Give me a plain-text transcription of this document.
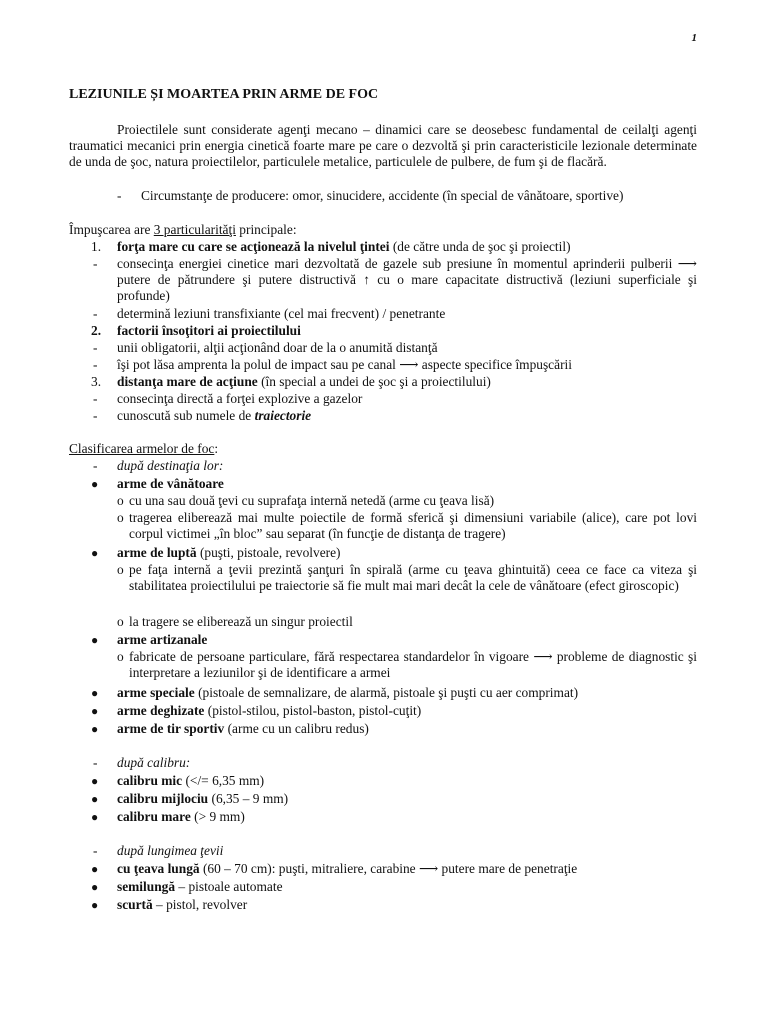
1
LEZIUNILE ȘI MOARTEA PRIN ARME DE FOC
Proiectilele sunt considerate agenţi mecano – dinamici care se deosebesc fundamental de ceilalţi agenţi traumatici mecanici prin energia cinetică foarte mare pe care o dezvoltă şi prin caracteristicile lezionale determinate de unda de şoc, natura proiectilelor, particulele metalice, particulele de pulbere, de fum şi de flacără.
- Circumstanţe de producere: omor, sinucidere, accidente (în special de vânătoare, sportive)
Împuşcarea are 3 particularităţi principale:
1. forţa mare cu care se acţionează la nivelul ţintei (de către unda de şoc şi proiectil)
- consecinţa energiei cinetice mari dezvoltată de gazele sub presiune în momentul aprinderii pulberii ⟶ putere de pătrundere şi putere distructivă ↑ cu o mare capacitate distructivă (leziuni superficiale şi profunde)
- determină leziuni transfixiante (cel mai frecvent) / penetrante
2. factorii însoţitori ai proiectilului
- unii obligatorii, alţii acţionând doar de la o anumită distanţă
- îşi pot lăsa amprenta la polul de impact sau pe canal ⟶ aspecte specifice împuşcării
3. distanţa mare de acţiune (în special a undei de şoc şi a proiectilului)
- consecinţa directă a forţei explozive a gazelor
- cunoscută sub numele de traiectorie
Clasificarea armelor de foc:
- după destinaţia lor:
● arme de vânătoare
o cu una sau două ţevi cu suprafaţa internă netedă (arme cu ţeava lisă)
o tragerea eliberează mai multe poiectile de formă sferică şi dimensiuni variabile (alice), care pot lovi corpul victimei „în bloc” sau separat (în funcţie de distanţa de tragere)
● arme de luptă (puşti, pistoale, revolvere)
o pe faţa internă a ţevii prezintă şanţuri în spirală (arme cu ţeava ghintuită) ceea ce face ca viteza şi stabilitatea proiectilului pe traiectorie să fie mult mai mari decât la cele de vânătoare (efect giroscopic)
o la tragere se eliberează un singur proiectil
● arme artizanale
o fabricate de persoane particulare, fără respectarea standardelor în vigoare ⟶ probleme de diagnostic şi interpretare a leziunilor şi de identificare a armei
● arme speciale (pistoale de semnalizare, de alarmă, pistoale şi puşti cu aer comprimat)
● arme deghizate (pistol-stilou, pistol-baston, pistol-cuţit)
● arme de tir sportiv (arme cu un calibru redus)
- după calibru:
● calibru mic (</= 6,35 mm)
● calibru mijlociu (6,35 – 9 mm)
● calibru mare (> 9 mm)
- după lungimea ţevii
● cu ţeava lungă (60 – 70 cm): puşti, mitraliere, carabine ⟶ putere mare de penetraţie
● semilungă – pistoale automate
● scurtă – pistol, revolver
